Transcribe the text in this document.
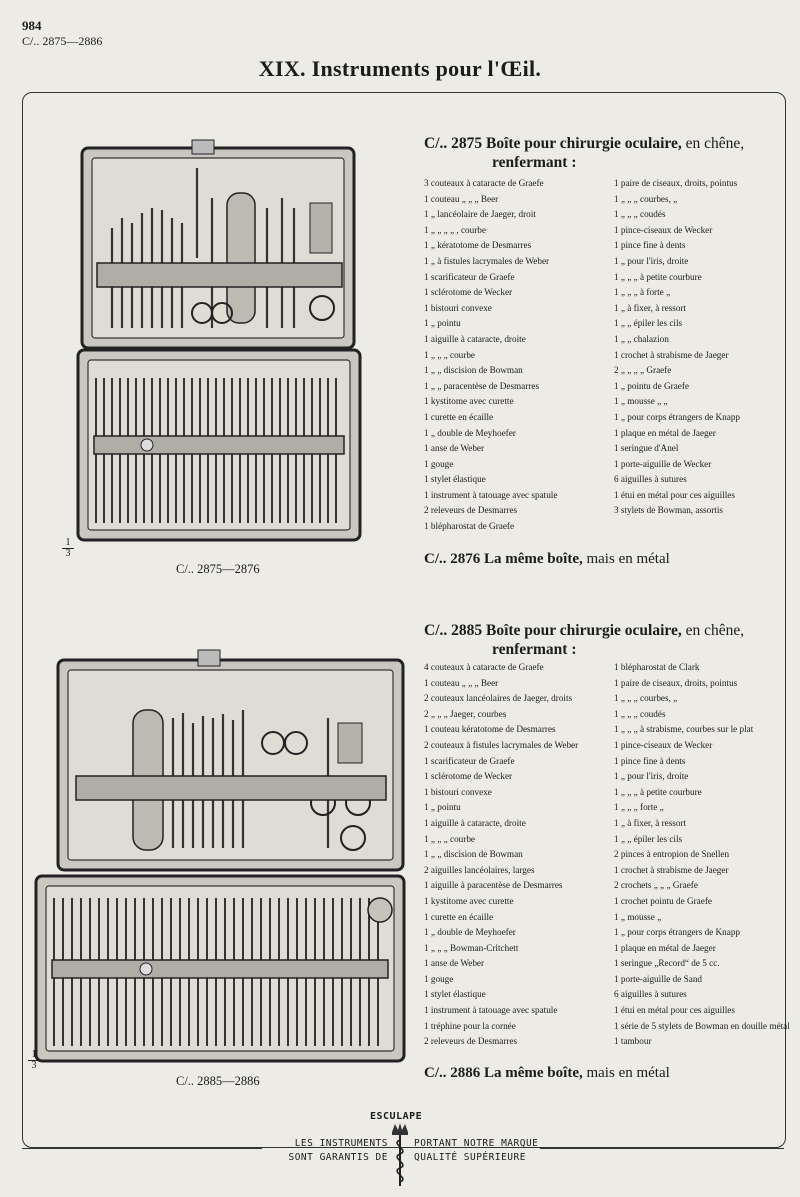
984
C/.. 2875—2886
XIX. Instruments pour l'Œil.
1
3
C/.. 2875—2876
C/.. 2875 Boîte pour chirurgie oculaire, en chêne,
renfermant :
3 couteaux à cataracte de Graefe
1 couteau „ „ „ Beer
1 „ lancéolaire de Jaeger, droit
1 „ „ „ „ , courbe
1 „ kératotome de Desmarres
1 „ à fistules lacrymales de Weber
1 scarificateur de Graefe
1 sclérotome de Wecker
1 bistouri convexe
1 „ pointu
1 aiguille à cataracte, droite
1 „ „ „ courbe
1 „ „ discision de Bowman
1 „ „ paracentèse de Desmarres
1 kystitome avec curette
1 curette en écaille
1 „ double de Meyhoefer
1 anse de Weber
1 gouge
1 stylet élastique
1 instrument à tatouage avec spatule
2 releveurs de Desmarres
1 blépharostat de Graefe
1 paire de ciseaux, droits, pointus
1 „ „ „ courbes, „
1 „ „ „ coudés
1 pince-ciseaux de Wecker
1 pince fine à dents
1 „ pour l'iris, droite
1 „ „ „ à petite courbure
1 „ „ „ à forte „
1 „ à fixer, à ressort
1 „ „ épiler les cils
1 „ „ chalazion
1 crochet à strabisme de Jaeger
2 „ „ „ „ Graefe
1 „ pointu de Graefe
1 „ mousse „ „
1 „ pour corps étrangers de Knapp
1 plaque en métal de Jaeger
1 seringue d'Anel
1 porte-aiguille de Wecker
6 aiguilles à sutures
1 étui en métal pour ces aiguilles
3 stylets de Bowman, assortis
C/.. 2876 La même boîte, mais en métal
1
3
C/.. 2885—2886
C/.. 2885 Boîte pour chirurgie oculaire, en chêne,
renfermant :
4 couteaux à cataracte de Graefe
1 couteau „ „ „ Beer
2 couteaux lancéolaires de Jaeger, droits
2 „ „ „ Jaeger, courbes
1 couteau kératotome de Desmarres
2 couteaux à fistules lacrymales de Weber
1 scarificateur de Graefe
1 sclérotome de Wecker
1 bistouri convexe
1 „ pointu
1 aiguille à cataracte, droite
1 „ „ „ courbe
1 „ „ discision de Bowman
2 aiguilles lancéolaires, larges
1 aiguille à paracentèse de Desmarres
1 kystitome avec curette
1 curette en écaille
1 „ double de Meyhoefer
1 „ „ „ Bowman-Critchett
1 anse de Weber
1 gouge
1 stylet élastique
1 instrument à tatouage avec spatule
1 tréphine pour la cornée
2 releveurs de Desmarres
1 blépharostat de Clark
1 paire de ciseaux, droits, pointus
1 „ „ „ courbes, „
1 „ „ „ coudés
1 „ „ „ à strabisme, courbes sur le plat
1 pince-ciseaux de Wecker
1 pince fine à dents
1 „ pour l'iris, droite
1 „ „ „ à petite courbure
1 „ „ „ forte „
1 „ à fixer, à ressort
1 „ „ épiler les cils
2 pinces à entropion de Snellen
1 crochet à strabisme de Jaeger
2 crochets „ „ „ Graefe
1 crochet pointu de Graefe
1 „ mousse „
1 „ pour corps étrangers de Knapp
1 plaque en métal de Jaeger
1 seringue „Record“ de 5 cc.
1 porte-aiguille de Sand
6 aiguilles à sutures
1 étui en métal pour ces aiguilles
1 série de 5 stylets de Bowman en douille métal
1 tambour
C/.. 2886 La même boîte, mais en métal
ESCULAPE
LES INSTRUMENTS
SONT GARANTIS DE
PORTANT NOTRE MARQUE
QUALITÉ SUPÉRIEURE
